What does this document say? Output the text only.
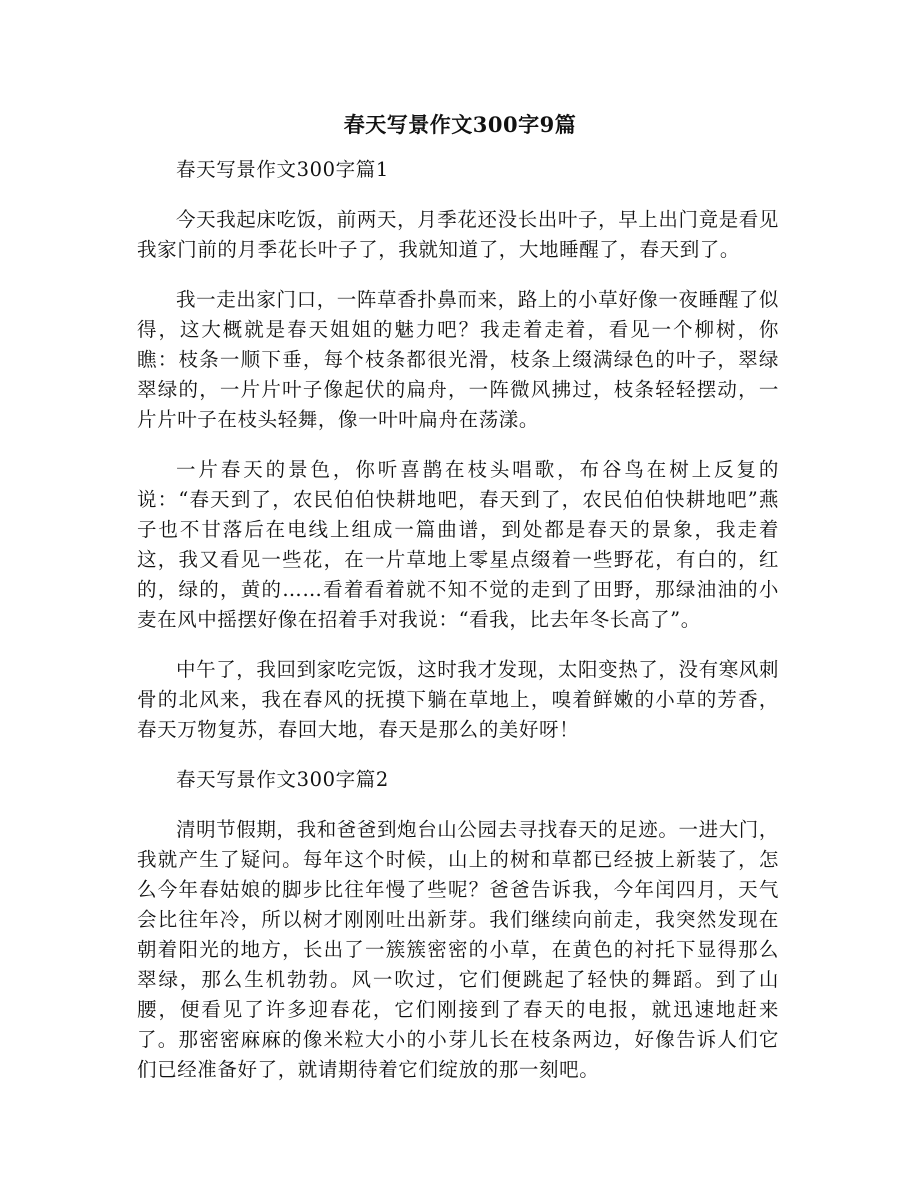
春天写景作文300字9篇

春天写景作文300字篇1

今天我起床吃饭，前两天，月季花还没长出叶子，早上出门竟是看见我家门前的月季花长叶子了，我就知道了，大地睡醒了，春天到了。

我一走出家门口，一阵草香扑鼻而来，路上的小草好像一夜睡醒了似得，这大概就是春天姐姐的魅力吧？我走着走着，看见一个柳树，你瞧：枝条一顺下垂，每个枝条都很光滑，枝条上缀满绿色的叶子，翠绿翠绿的，一片片叶子像起伏的扁舟，一阵微风拂过，枝条轻轻摆动，一片片叶子在枝头轻舞，像一叶叶扁舟在荡漾。

一片春天的景色，你听喜鹊在枝头唱歌，布谷鸟在树上反复的说：“春天到了，农民伯伯快耕地吧，春天到了，农民伯伯快耕地吧”燕子也不甘落后在电线上组成一篇曲谱，到处都是春天的景象，我走着这，我又看见一些花，在一片草地上零星点缀着一些野花，有白的，红的，绿的，黄的……看着看着就不知不觉的走到了田野，那绿油油的小麦在风中摇摆好像在招着手对我说：“看我，比去年冬长高了”。

中午了，我回到家吃完饭，这时我才发现，太阳变热了，没有寒风刺骨的北风来，我在春风的抚摸下躺在草地上，嗅着鲜嫩的小草的芳香，春天万物复苏，春回大地，春天是那么的美好呀！

春天写景作文300字篇2

清明节假期，我和爸爸到炮台山公园去寻找春天的足迹。一进大门，我就产生了疑问。每年这个时候，山上的树和草都已经披上新装了，怎么今年春姑娘的脚步比往年慢了些呢？爸爸告诉我，今年闰四月，天气会比往年冷，所以树才刚刚吐出新芽。我们继续向前走，我突然发现在朝着阳光的地方，长出了一簇簇密密的小草，在黄色的衬托下显得那么翠绿，那么生机勃勃。风一吹过，它们便跳起了轻快的舞蹈。到了山腰，便看见了许多迎春花，它们刚接到了春天的电报，就迅速地赶来了。那密密麻麻的像米粒大小的小芽儿长在枝条两边，好像告诉人们它们已经准备好了，就请期待着它们绽放的那一刻吧。
